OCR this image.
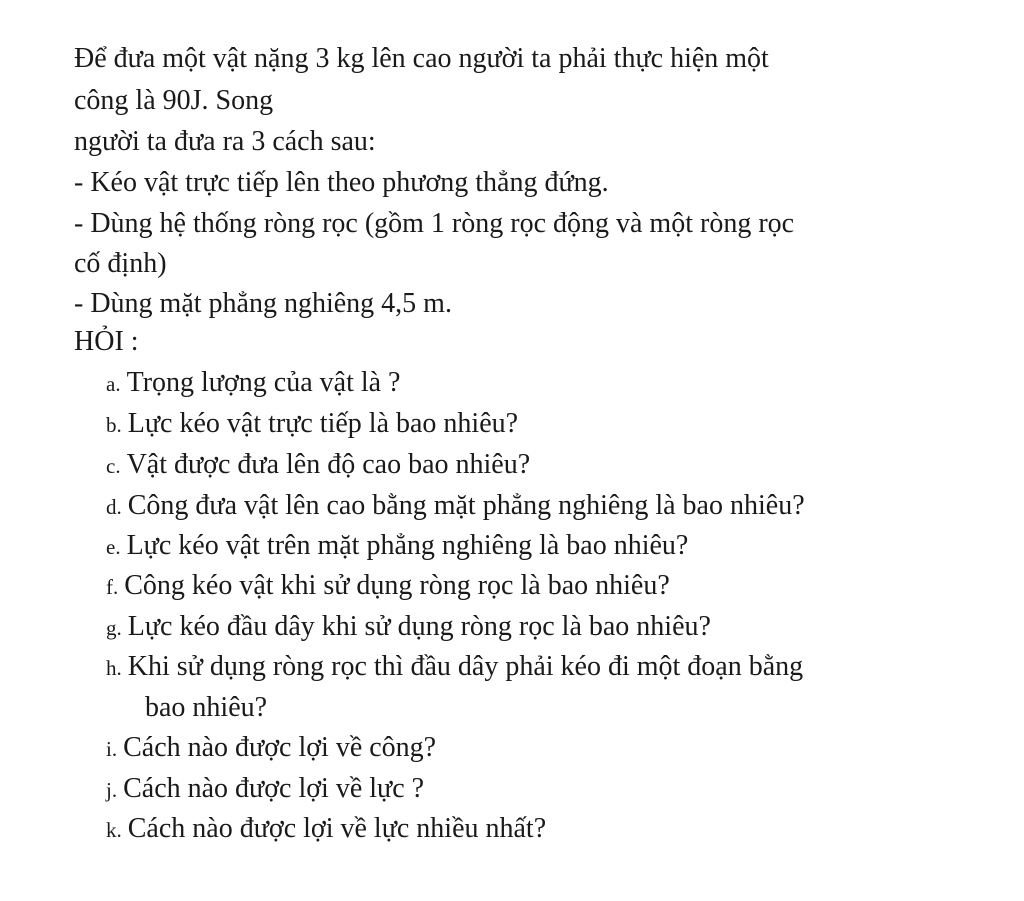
Để đưa một vật nặng 3 kg lên cao người ta phải thực hiện một
công là 90J. Song
người ta đưa ra 3 cách sau:
- Kéo vật trực tiếp lên theo phương thẳng đứng.
- Dùng hệ thống ròng rọc (gồm 1 ròng rọc động và một ròng rọc
cố định)
- Dùng mặt phẳng nghiêng 4,5 m.
HỎI :
a. Trọng lượng của vật là ?
b. Lực kéo vật trực tiếp là bao nhiêu?
c. Vật được đưa lên độ cao bao nhiêu?
d. Công đưa vật lên cao bằng mặt phẳng nghiêng là bao nhiêu?
e. Lực kéo vật trên mặt phẳng nghiêng là bao nhiêu?
f. Công kéo vật khi sử dụng ròng rọc là bao nhiêu?
g. Lực kéo đầu dây khi sử dụng ròng rọc là bao nhiêu?
h. Khi sử dụng ròng rọc thì đầu dây phải kéo đi một đoạn bằng
bao nhiêu?
i. Cách nào được lợi về công?
j. Cách nào được lợi về lực ?
k. Cách nào được lợi về lực nhiều nhất?
